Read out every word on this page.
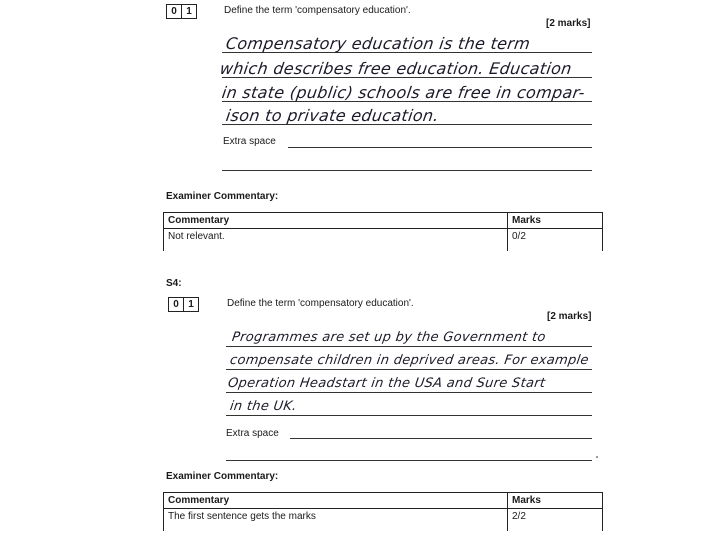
0 1	Define the term 'compensatory education'.
[2 marks]
Compensatory education is the term
which describes free education. Education
in state (public) schools are free in compar-
ison to private education.
Extra space
Examiner Commentary:
Commentary	Marks
Not relevant.	0/2
S4:
0 1	Define the term 'compensatory education'.
[2 marks]
Programmes are set up by the Government to
compensate children in deprived areas. For example
Operation Headstart in the USA and Sure Start
in the UK.
Extra space
Examiner Commentary:
Commentary	Marks
The first sentence gets the marks	2/2
